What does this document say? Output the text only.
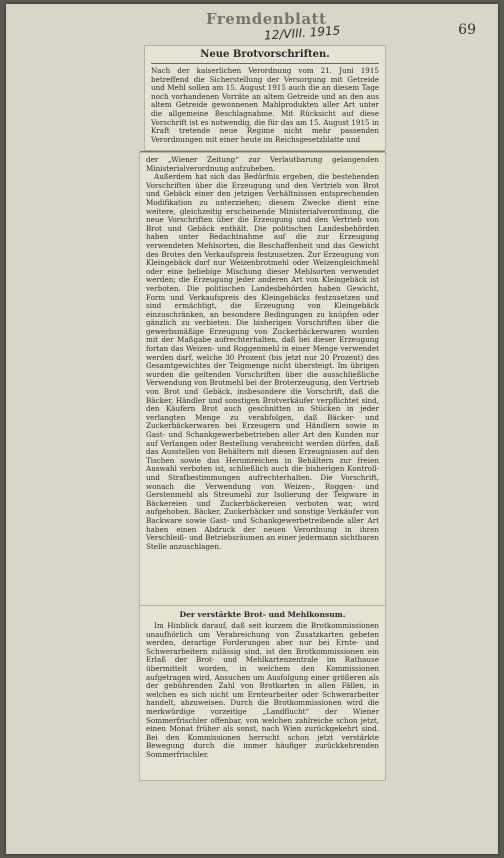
Fremdenblatt
12/VIII. 1915	69
Neue Brotvorschriften.

Nach der kaiserlichen Verordnung vom 21. Juni 1915 betreffend die Sicherstellung der Versorgung mit Getreide und Mehl sollen am 15. August 1915 auch die an diesem Tage noch vorhandenen Vorräte an altem Getreide und an den aus altem Getreide gewonnenen Mahlprodukten aller Art unter die allgemeine Beschlagnahme. Mit Rücksicht auf diese Vorschrift ist es notwendig, die für das am 15. August 1915 in Kraft tretende neue Regime nicht mehr passenden Verordnungen mit einer heute im Reichsgesetzblatte und

der „Wiener Zeitung“ zur Verlautbarung gelangenden Ministerialverordnung aufzuheben.

Außerdem hat sich das Bedürfnis ergeben, die bestehenden Vorschriften über die Erzeugung und den Vertrieb von Brot und Gebäck einer den jetzigen Verhältnissen entsprechenden Modifikation zu unterziehen; diesem Zwecke dient eine weitere, gleichzeitig erscheinende Ministerialverordnung, die neue Vorschriften über die Erzeugung und den Vertrieb von Brot und Gebäck enthält. Die politischen Landesbehörden haben unter Bedachtnahme auf die zur Erzeugung verwendeten Mehlsorten, die Beschaffenheit und das Gewicht des Brotes den Verkaufspreis festzusetzen. Zur Erzeugung von Kleingebäck darf nur Weizenbrotmehl oder Weizengleichmehl oder eine beliebige Mischung dieser Mehlsorten verwendet werden; die Erzeugung jeder anderen Art von Kleingebäck ist verboten. Die politischen Landesbehörden haben Gewicht, Form und Verkaufspreis des Kleingebäcks festzusetzen und sind ermächtigt, die Erzeugung von Kleingebäck einzuschränken, an besondere Bedingungen zu knüpfen oder gänzlich zu verbieten. Die bisherigen Vorschriften über die gewerbsmäßige Erzeugung von Zuckerbäckerwaren wurden mit der Maßgabe aufrechterhalten, daß bei dieser Erzeugung fortan das Weizen- und Roggenmehl in einer Menge verwendet werden darf, welche 30 Prozent (bis jetzt nur 20 Prozent) des Gesamtgewichtes der Teigmenge nicht übersteigt. Im übrigen wurden die geltenden Vorschriften über die ausschließliche Verwendung von Brotmehl bei der Broterzeugung, den Vertrieb von Brot und Gebäck, insbesondere die Vorschrift, daß die Bäcker, Händler und sonstigen Brotverkäufer verpflichtet sind, den Käufern Brot auch geschnitten in Stücken in jeder verlangten Menge zu verabfolgen, daß Bäcker- und Zuckerbäckerwaren bei Erzeugern und Händlern sowie in Gast- und Schankgewerbebetrieben aller Art den Kunden nur auf Verlangen oder Bestellung verabreicht werden dürfen, daß das Ausstellen von Behältern mit diesen Erzeugnissen auf den Tischen sowie das Herumreichen in Behältern zur freien Auswahl verboten ist, schließlich auch die bisherigen Kontroll- und Strafbestimmungen aufrechterhalten. Die Vorschrift, wonach die Verwendung von Weizen-, Roggen- und Gerstenmehl als Streumehl zur Isolierung der Teigware in Bäckereien und Zuckerbäckereien verboten war, wird aufgehoben. Bäcker, Zuckerbäcker und sonstige Verkäufer von Backware sowie Gast- und Schankgewerbetreibende aller Art haben einen Abdruck der neuen Verordnung in ihren Verschleiß- und Betriebsräumen an einer jedermann sichtbaren Stelle anzuschlagen.

Der verstärkte Brot- und Mehlkonsum.

Im Hinblick darauf, daß seit kurzem die Brotkommissionen unaufhörlich um Verabreichung von Zusatzkarten gebeten werden, derartige Forderungen aber nur bei Ernte- und Schwerarbeitern zulässig sind, ist den Brotkommissionen ein Erlaß der Brot- und Mehlkartenzentrale im Rathause übermittelt worden, in welchem den Kommissionen aufgetragen wird, Ansuchen um Ausfolgung einer größeren als der gebührenden Zahl von Brotkarten in allen Fällen, in welchen es sich nicht um Ernteurbeiter oder Schwerarbeiter handelt, abzuweisen. Durch die Brotkommissionen wird die merkwürdige vorzeitige „Landflucht“ der Wiener Sommerfrischler offenbar, von welchen zahlreiche schon jetzt, einen Monat früher als sonst, nach Wien zurückgekehrt sind. Bei den Kommissionen herrscht schon jetzt verstärkte Bewegung durch die immer häufiger zurückkehrenden Sommerfrischler.
